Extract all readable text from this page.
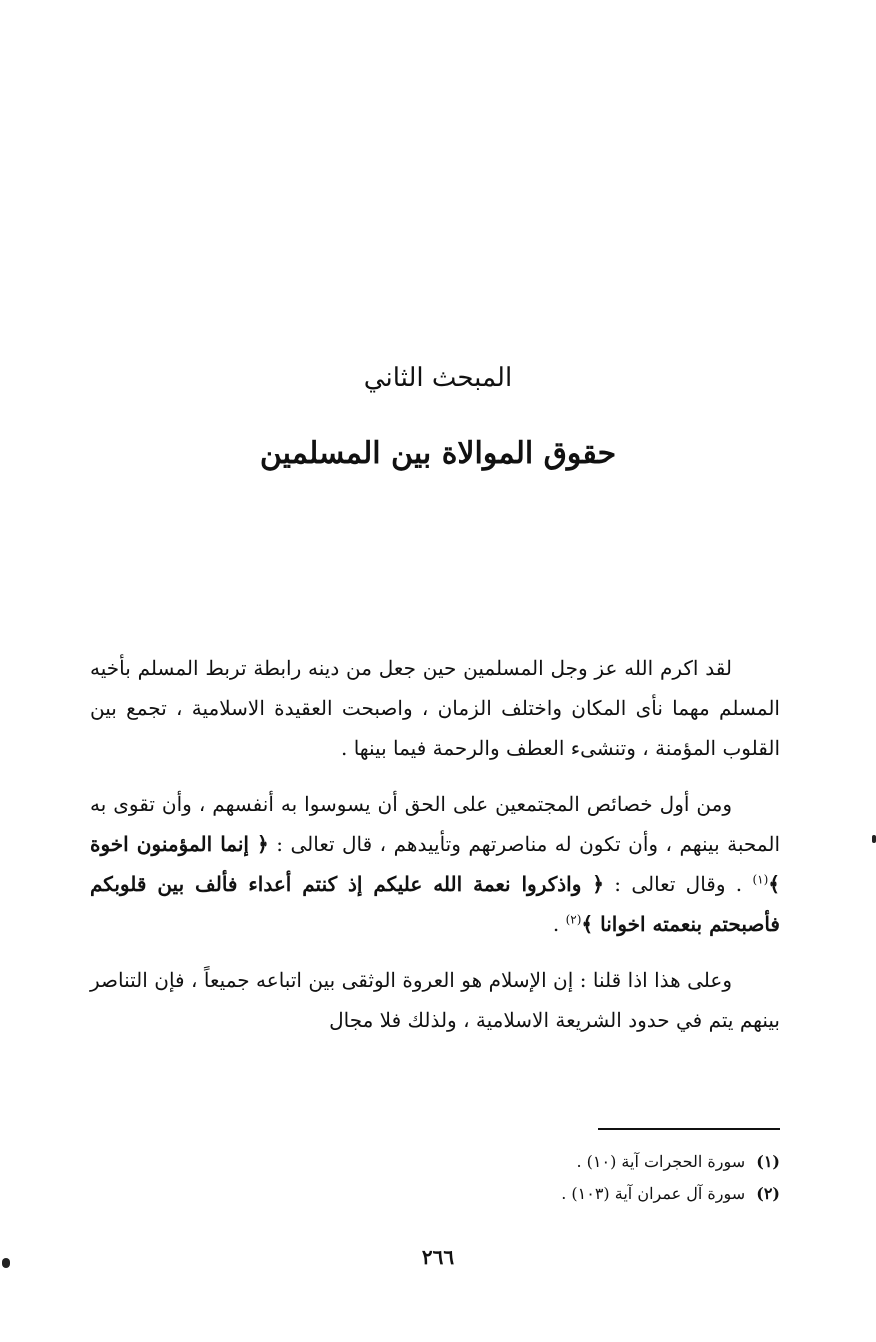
المبحث الثاني
حقوق الموالاة بين المسلمين

لقد اكرم الله عز وجل المسلمين حين جعل من دينه رابطة تربط المسلم بأخيه المسلم مهما نأى المكان واختلف الزمان ، واصبحت العقيدة الاسلامية ، تجمع بين القلوب المؤمنة ، وتنشىء العطف والرحمة فيما بينها .

ومن أول خصائص المجتمعين على الحق أن يسوسوا به أنفسهم ، وأن تقوى به المحبة بينهم ، وأن تكون له مناصرتهم وتأييدهم ، قال تعالى : ﴿ إنما المؤمنون اخوة ﴾$^{(١)}$ . وقال تعالى : ﴿ واذكروا نعمة الله عليكم إذ كنتم أعداء فألف بين قلوبكم فأصبحتم بنعمته اخوانا ﴾$^{(٢)}$ .

وعلى هذا اذا قلنا : إن الإسلام هو العروة الوثقى بين اتباعه جميعاً ، فإن التناصر بينهم يتم في حدود الشريعة الاسلامية ، ولذلك فلا مجال

(١) سورة الحجرات آية (١٠) .
(٢) سورة آل عمران آية (١٠٣) .
٢٦٦
